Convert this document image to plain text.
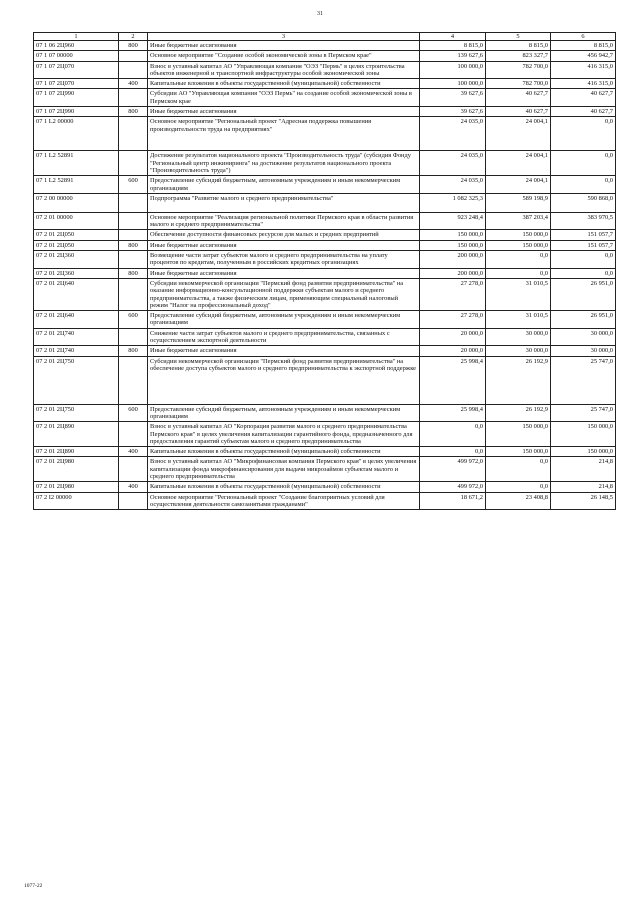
31
1	2	3	4	5	6
07 1 06 2Ц960	800	Иные бюджетные ассигнования	8 815,0	8 815,0	8 815,0
07 1 07 00000		Основное мероприятие "Создание особой экономической зоны в Пермском крае"	139 627,6	823 327,7	456 942,7
07 1 07 2Ц070		Взнос в уставный капитал АО "Управляющая компания "ОЭЗ "Пермь" в целях строительства объектов инженерной и транспортной инфраструктуры особой экономической зоны	100 000,0	782 700,0	416 315,0
07 1 07 2Ц070	400	Капитальные вложения в объекты государственной (муниципальной) собственности	100 000,0	782 700,0	416 315,0
07 1 07 2Ц990		Субсидии АО "Управляющая компания "ОЭЗ Пермь" на создание особой экономической зоны в Пермском крае	39 627,6	40 627,7	40 627,7
07 1 07 2Ц990	800	Иные бюджетные ассигнования	39 627,6	40 627,7	40 627,7
07 1 L2 00000		Основное мероприятие "Региональный проект "Адресная поддержка повышения производительности труда на предприятиях"	24 035,0	24 004,1	0,0
07 1 L2 52891		Достижение результатов национального проекта "Производительность труда" (субсидия Фонду "Региональный центр инжиниринга" на достижение результатов национального проекта "Производительность труда")	24 035,0	24 004,1	0,0
07 1 L2 52891	600	Предоставление субсидий бюджетным, автономным учреждениям и иным некоммерческим организациям	24 035,0	24 004,1	0,0
07 2 00 00000		Подпрограмма "Развитие малого и среднего предпринимательства"	1 082 325,3	589 198,9	590 868,0
07 2 01 00000		Основное мероприятие "Реализация региональной политики Пермского края в области развития малого и среднего предпринимательства"	923 248,4	387 203,4	383 970,5
07 2 01 2Ц050		Обеспечение доступности финансовых ресурсов для малых и средних предприятий	150 000,0	150 000,0	151 057,7
07 2 01 2Ц050	800	Иные бюджетные ассигнования	150 000,0	150 000,0	151 057,7
07 2 01 2Ц360		Возмещение части затрат субъектов малого и среднего предпринимательства на уплату процентов по кредитам, полученным в российских кредитных организациях	200 000,0	0,0	0,0
07 2 01 2Ц360	800	Иные бюджетные ассигнования	200 000,0	0,0	0,0
07 2 01 2Ц640		Субсидии некоммерческой организации "Пермский фонд развития предпринимательства" на оказание информационно-консультационной поддержки субъектам малого и среднего предпринимательства, а также физическим лицам, применяющим специальный налоговый режим "Налог на профессиональный доход"	27 278,0	31 010,5	26 951,0
07 2 01 2Ц640	600	Предоставление субсидий бюджетным, автономным учреждениям и иным некоммерческим организациям	27 278,0	31 010,5	26 951,0
07 2 01 2Ц740		Снижение части затрат субъектов малого и среднего предпринимательства, связанных с осуществлением экспортной деятельности	20 000,0	30 000,0	30 000,0
07 2 01 2Ц740	800	Иные бюджетные ассигнования	20 000,0	30 000,0	30 000,0
07 2 01 2Ц750		Субсидии некоммерческой организации "Пермский фонд развития предпринимательства" на обеспечение доступа субъектов малого и среднего предпринимательства к экспортной поддержке	25 998,4	26 192,9	25 747,0
07 2 01 2Ц750	600	Предоставление субсидий бюджетным, автономным учреждениям и иным некоммерческим организациям	25 998,4	26 192,9	25 747,0
07 2 01 2Ц890		Взнос в уставный капитал АО "Корпорация развития малого и среднего предпринимательства Пермского края" в целях увеличения капитализации гарантийного фонда, предназначенного для предоставления гарантий субъектам малого и среднего предпринимательства	0,0	150 000,0	150 000,0
07 2 01 2Ц890	400	Капитальные вложения в объекты государственной (муниципальной) собственности	0,0	150 000,0	150 000,0
07 2 01 2Ц980		Взнос в уставный капитал АО "Микрофинансовая компания Пермского края" в целях увеличения капитализации фонда микрофинансирования для выдачи микрозаймов субъектам малого и среднего предпринимательства	499 972,0	0,0	214,8
07 2 01 2Ц980	400	Капитальные вложения в объекты государственной (муниципальной) собственности	499 972,0	0,0	214,8
07 2 I2 00000		Основное мероприятие "Региональный проект "Создание благоприятных условий для осуществления деятельности самозанятыми гражданами"	18 671,2	23 408,8	26 148,5
1077-22
